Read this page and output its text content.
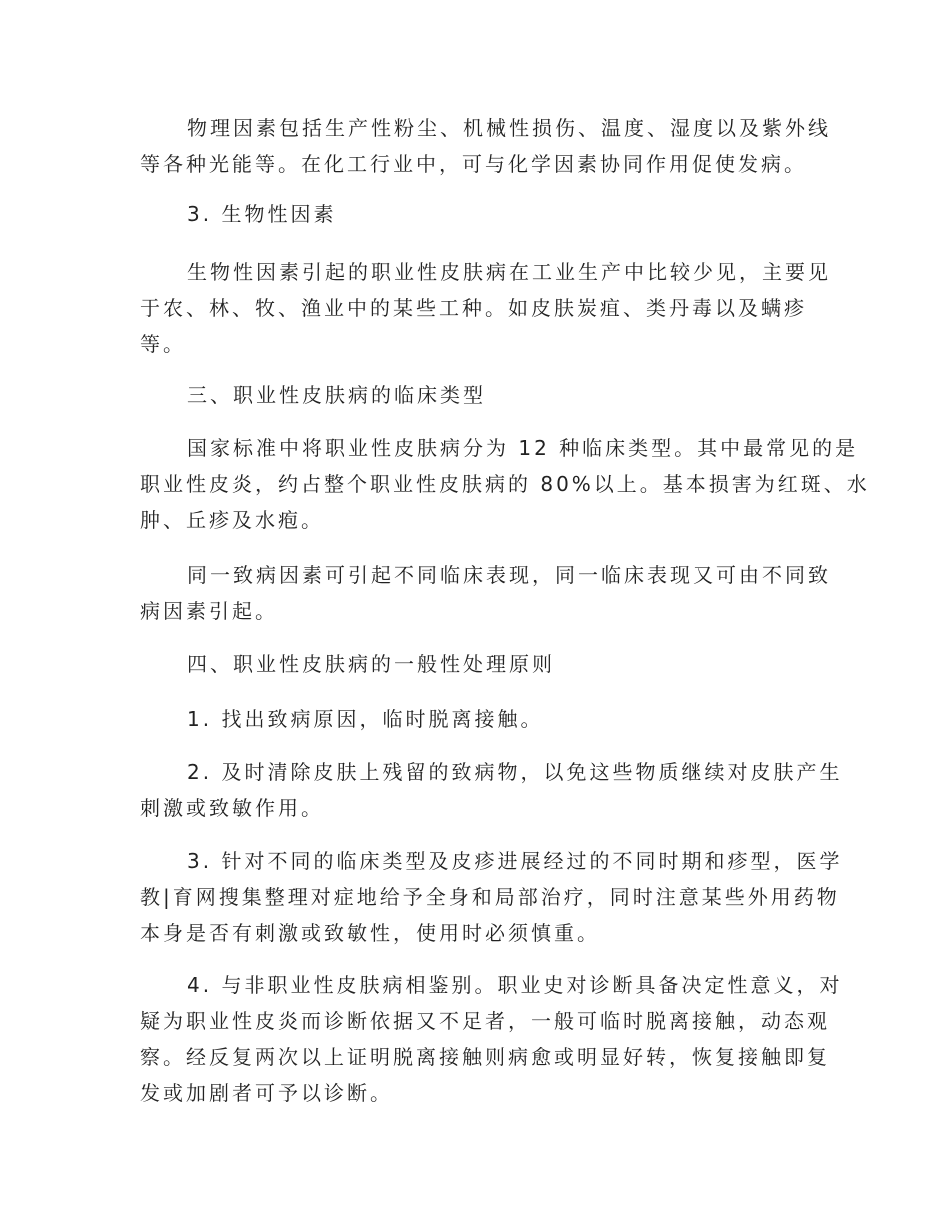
物理因素包括生产性粉尘、机械性损伤、温度、湿度以及紫外线

等各种光能等。在化工行业中，可与化学因素协同作用促使发病。

3. 生物性因素

生物性因素引起的职业性皮肤病在工业生产中比较少见，主要见

于农、林、牧、渔业中的某些工种。如皮肤炭疽、类丹毒以及螨疹

等。

三、职业性皮肤病的临床类型

国家标准中将职业性皮肤病分为 12 种临床类型。其中最常见的是

职业性皮炎，约占整个职业性皮肤病的 80%以上。基本损害为红斑、水

肿、丘疹及水疱。

同一致病因素可引起不同临床表现，同一临床表现又可由不同致

病因素引起。

四、职业性皮肤病的一般性处理原则

1. 找出致病原因，临时脱离接触。

2. 及时清除皮肤上残留的致病物，以免这些物质继续对皮肤产生

刺激或致敏作用。

3. 针对不同的临床类型及皮疹进展经过的不同时期和疹型，医学

教|育网搜集整理对症地给予全身和局部治疗，同时注意某些外用药物

本身是否有刺激或致敏性，使用时必须慎重。

4. 与非职业性皮肤病相鉴别。职业史对诊断具备决定性意义，对

疑为职业性皮炎而诊断依据又不足者，一般可临时脱离接触，动态观

察。经反复两次以上证明脱离接触则病愈或明显好转，恢复接触即复

发或加剧者可予以诊断。
